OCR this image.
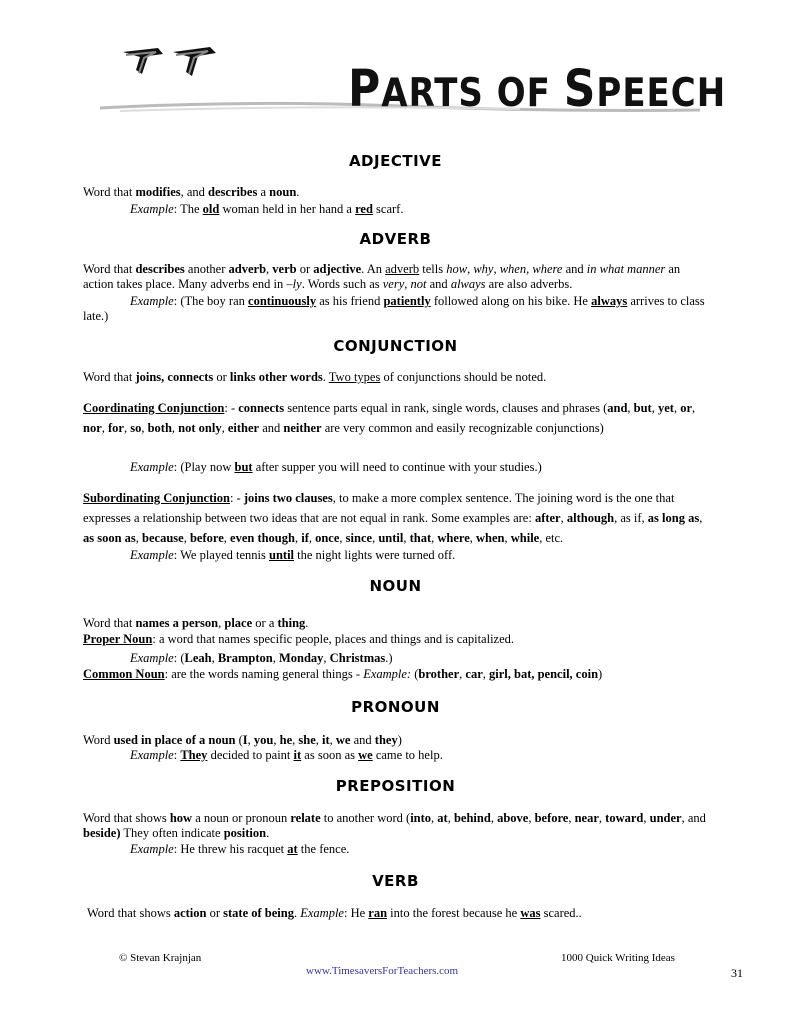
PARTS OF SPEECH
ADJECTIVE
Word that modifies, and describes a noun.
Example: The old woman held in her hand a red scarf.
ADVERB
Word that describes another adverb, verb or adjective. An adverb tells how, why, when, where and in what manner an action takes place. Many adverbs end in –ly. Words such as very, not and always are also adverbs.
Example: (The boy ran continuously as his friend patiently followed along on his bike. He always arrives to class late.)
CONJUNCTION
Word that joins, connects or links other words. Two types of conjunctions should be noted.
Coordinating Conjunction: - connects sentence parts equal in rank, single words, clauses and phrases (and, but, yet, or, nor, for, so, both, not only, either and neither are very common and easily recognizable conjunctions)
Example: (Play now but after supper you will need to continue with your studies.)
Subordinating Conjunction: - joins two clauses, to make a more complex sentence. The joining word is the one that expresses a relationship between two ideas that are not equal in rank. Some examples are: after, although, as if, as long as, as soon as, because, before, even though, if, once, since, until, that, where, when, while, etc.
Example: We played tennis until the night lights were turned off.
NOUN
Word that names a person, place or a thing.
Proper Noun: a word that names specific people, places and things and is capitalized.
Example: (Leah, Brampton, Monday, Christmas.)
Common Noun: are the words naming general things - Example: (brother, car, girl, bat, pencil, coin)
PRONOUN
Word used in place of a noun (I, you, he, she, it, we and they)
Example: They decided to paint it as soon as we came to help.
PREPOSITION
Word that shows how a noun or pronoun relate to another word (into, at, behind, above, before, near, toward, under, and beside) They often indicate position.
Example: He threw his racquet at the fence.
VERB
Word that shows action or state of being. Example: He ran into the forest because he was scared..
© Stevan Krajnjan	1000 Quick Writing Ideas
www.TimesaversForTeachers.com	31
